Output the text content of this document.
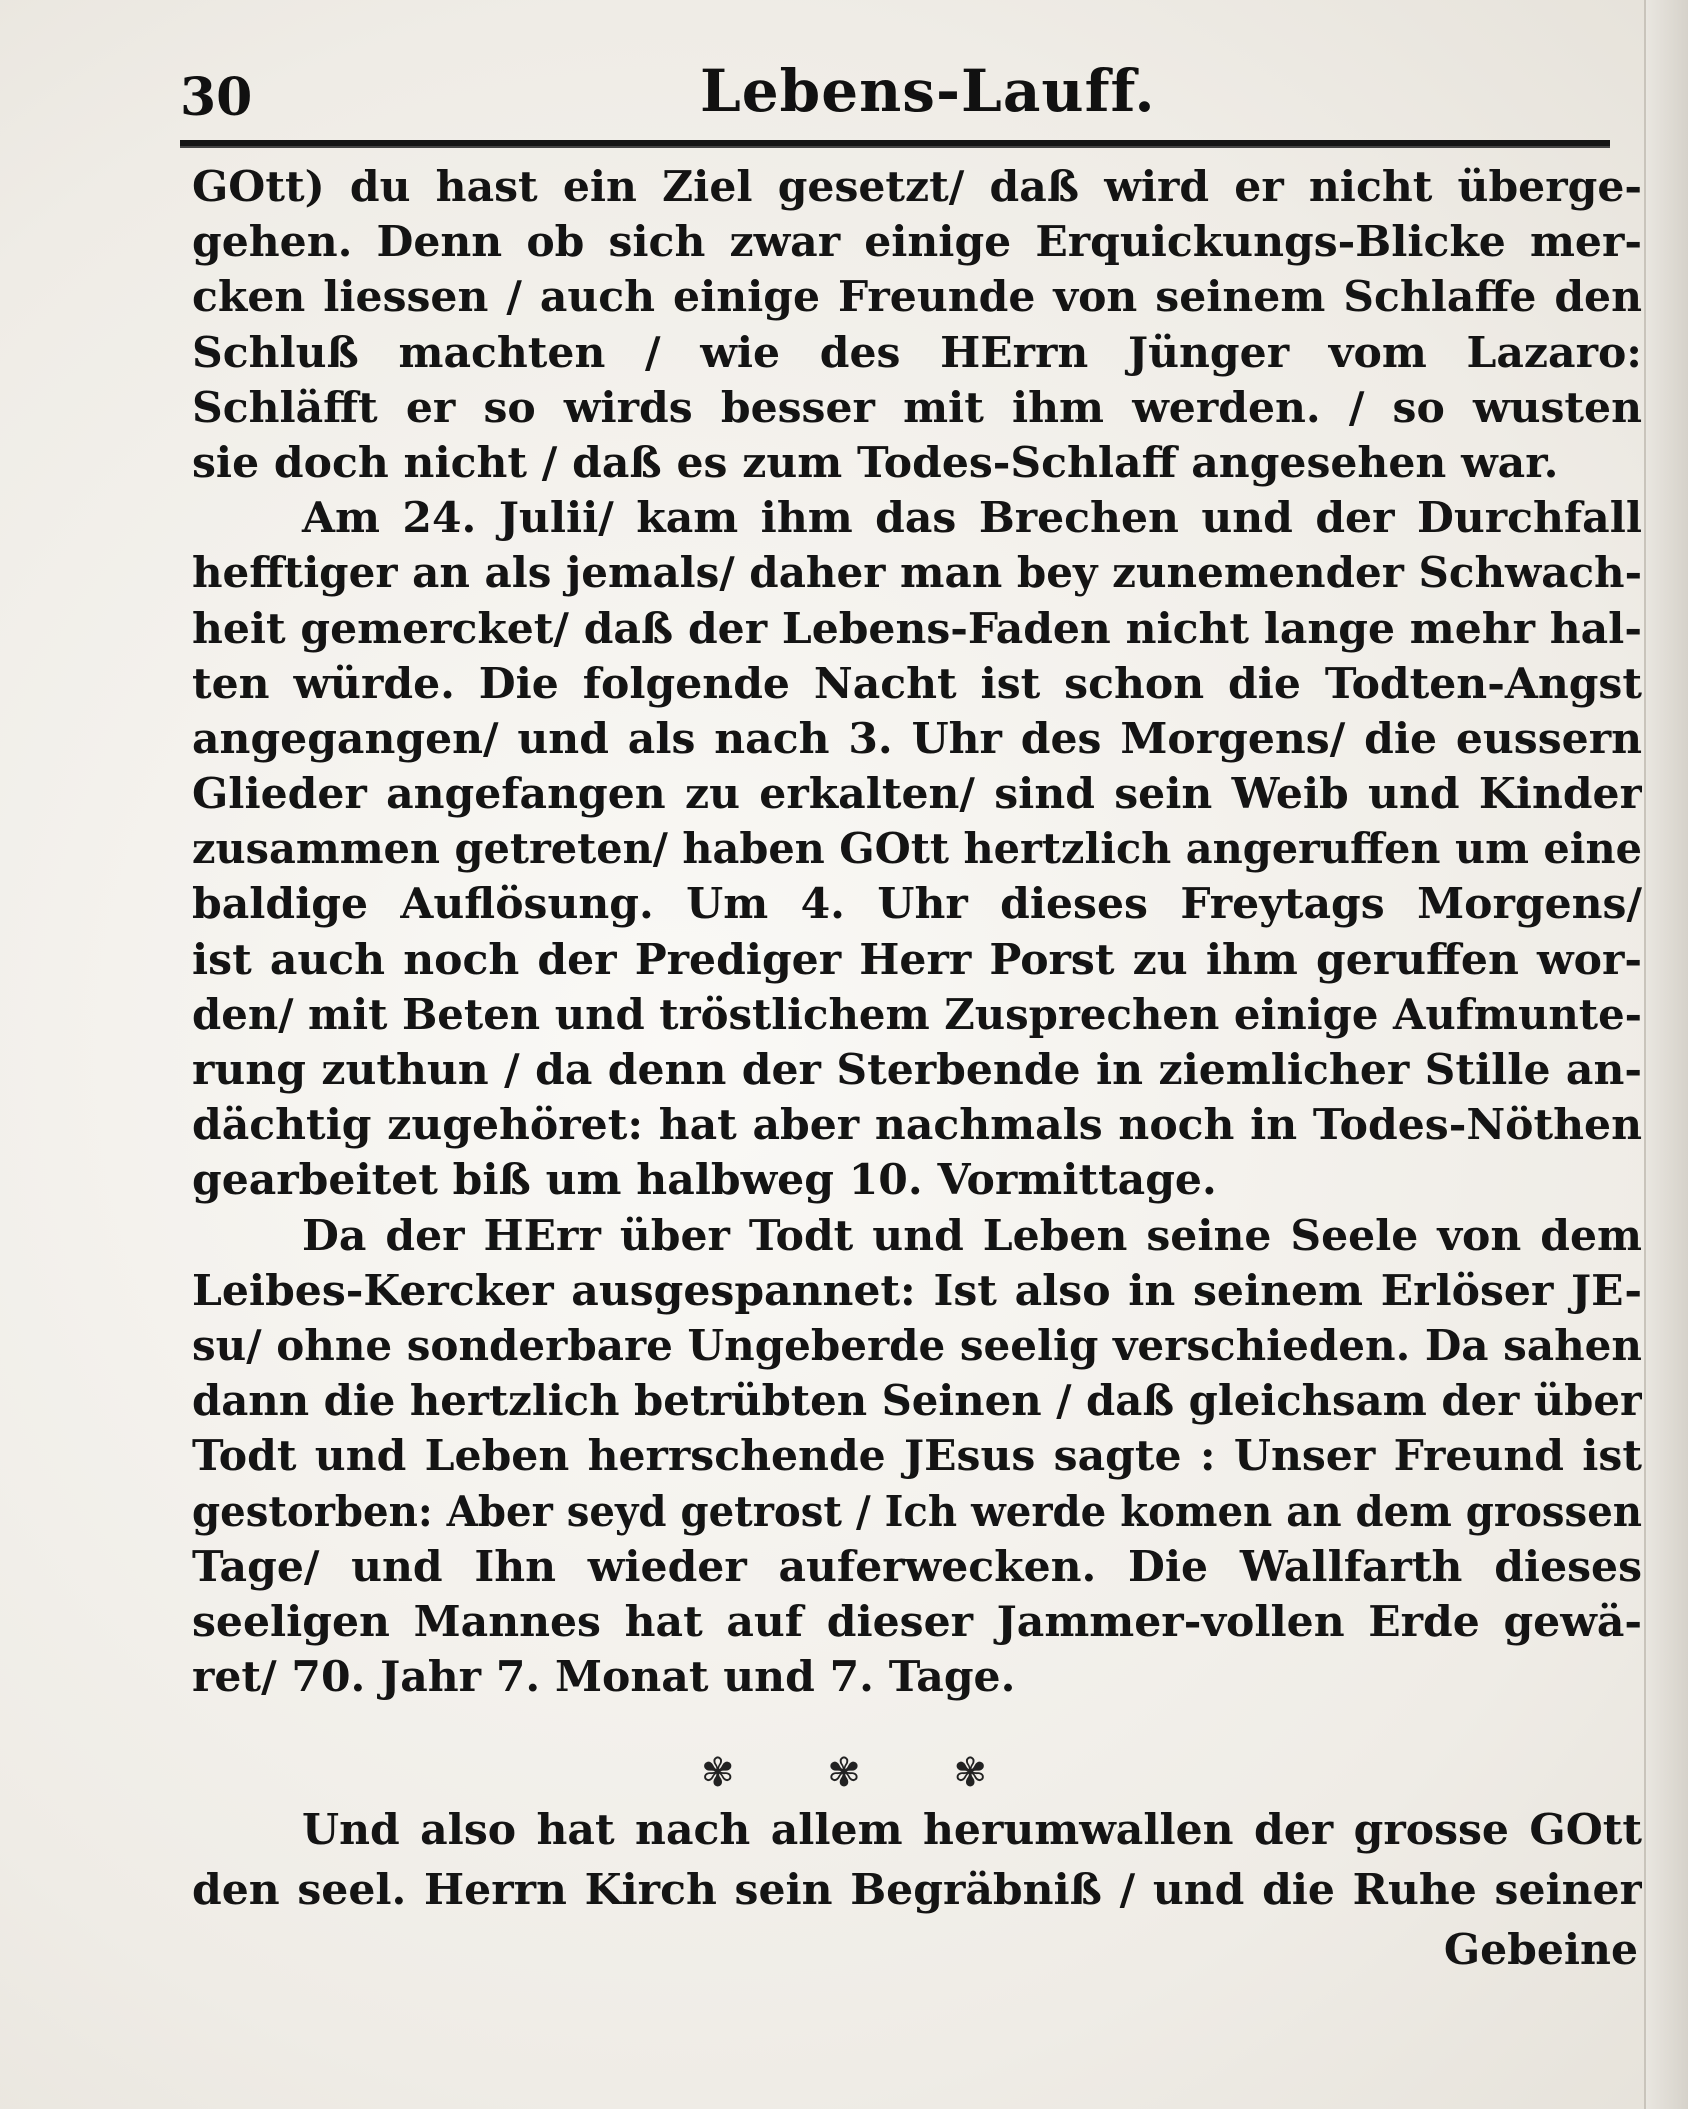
30	Lebens-Lauff.
GOtt) du hast ein Ziel gesetzt/ daß wird er nicht überge-
gehen. Denn ob sich zwar einige Erquickungs-Blicke mer-
cken liessen / auch einige Freunde von seinem Schlaffe den
Schluß machten / wie des HErrn Jünger vom Lazaro:
Schläfft er so wirds besser mit ihm werden. / so wusten
sie doch nicht / daß es zum Todes-Schlaff angesehen war.
Am 24. Julii/ kam ihm das Brechen und der Durchfall
hefftiger an als jemals/ daher man bey zunemender Schwach-
heit gemercket/ daß der Lebens-Faden nicht lange mehr hal-
ten würde. Die folgende Nacht ist schon die Todten-Angst
angegangen/ und als nach 3. Uhr des Morgens/ die eussern
Glieder angefangen zu erkalten/ sind sein Weib und Kinder
zusammen getreten/ haben GOtt hertzlich angeruffen um eine
baldige Auflösung. Um 4. Uhr dieses Freytags Morgens/
ist auch noch der Prediger Herr Porst zu ihm geruffen wor-
den/ mit Beten und tröstlichem Zusprechen einige Aufmunte-
rung zuthun / da denn der Sterbende in ziemlicher Stille an-
dächtig zugehöret: hat aber nachmals noch in Todes-Nöthen
gearbeitet biß um halbweg 10. Vormittage.
Da der HErr über Todt und Leben seine Seele von dem
Leibes-Kercker ausgespannet: Ist also in seinem Erlöser JE-
su/ ohne sonderbare Ungeberde seelig verschieden. Da sahen
dann die hertzlich betrübten Seinen / daß gleichsam der über
Todt und Leben herrschende JEsus sagte : Unser Freund ist
gestorben: Aber seyd getrost / Ich werde komen an dem grossen
Tage/ und Ihn wieder auferwecken. Die Wallfarth dieses
seeligen Mannes hat auf dieser Jammer-vollen Erde gewä-
ret/ 70. Jahr 7. Monat und 7. Tage.
✾ ✾ ✾
Und also hat nach allem herumwallen der grosse GOtt
den seel. Herrn Kirch sein Begräbniß / und die Ruhe seiner
Gebeine
